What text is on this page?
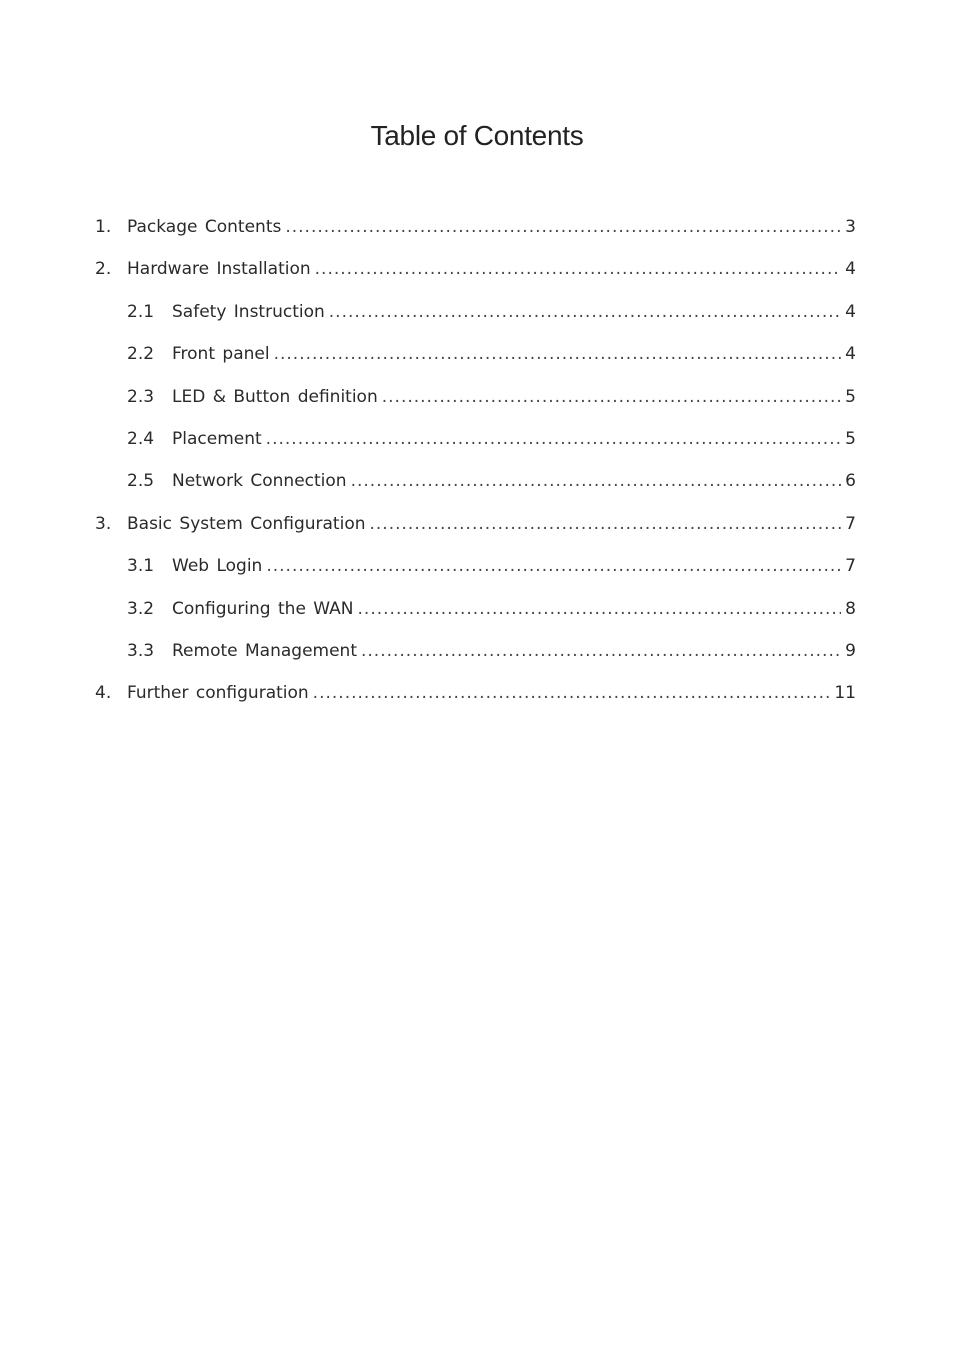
Table of Contents
1. Package Contents .....	3
2. Hardware Installation .....	4
2.1	Safety Instruction .....	4
2.2	Front panel .....	4
2.3	LED & Button definition .....	5
2.4	Placement .....	5
2.5	Network Connection .....	6
3. Basic System Configuration .....	7
3.1	Web Login .....	7
3.2	Configuring the WAN .....	8
3.3	Remote Management .....	9
4. Further configuration .....	11
